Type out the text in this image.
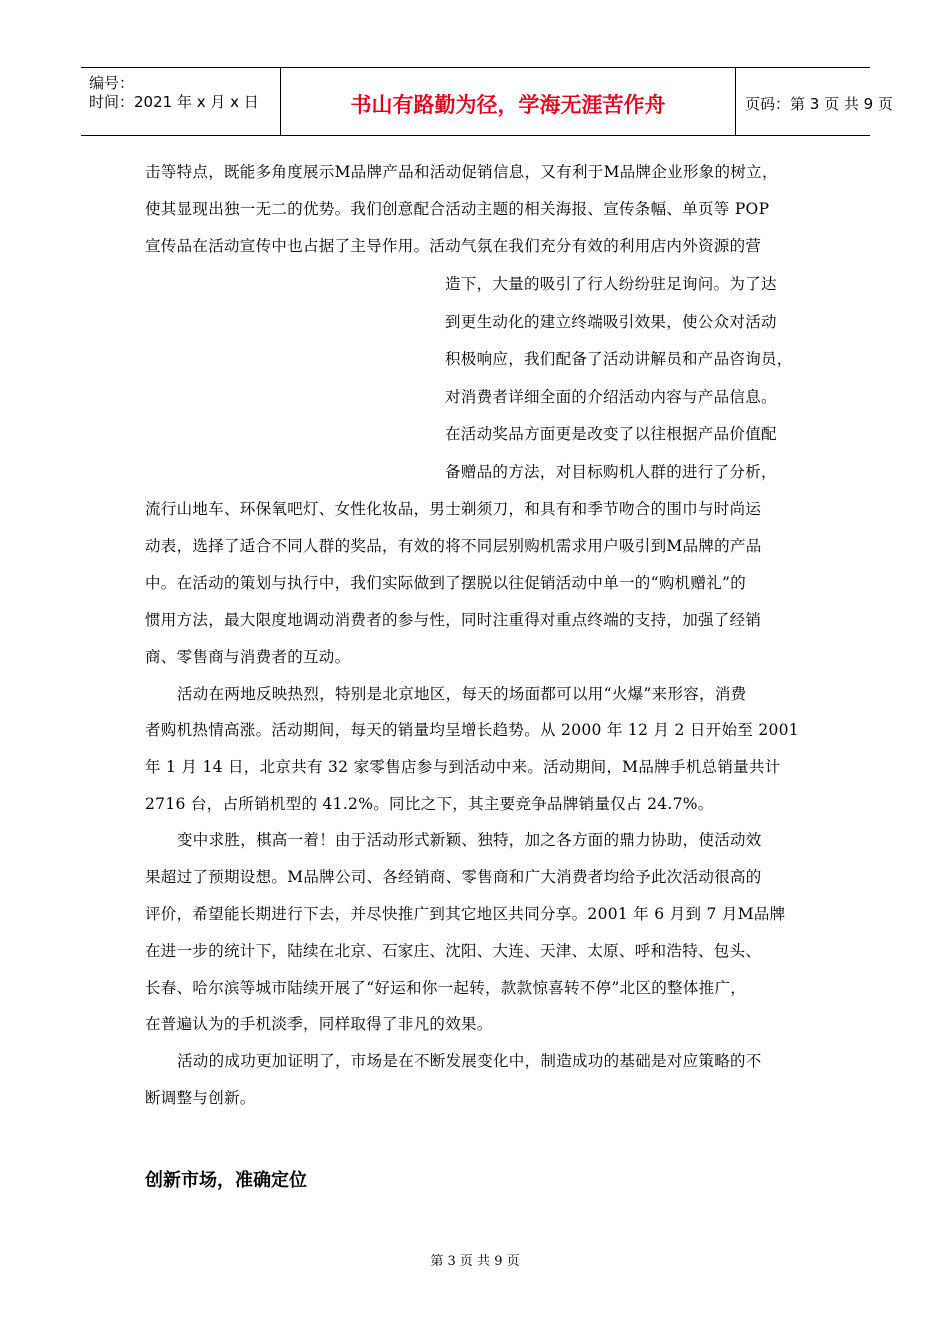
编号：
时间：2021 年 x 月 x 日	书山有路勤为径，学海无涯苦作舟	页码：第 3 页 共 9 页
击等特点，既能多角度展示M品牌产品和活动促销信息，又有利于M品牌企业形象的树立，
使其显现出独一无二的优势。我们创意配合活动主题的相关海报、宣传条幅、单页等 POP
宣传品在活动宣传中也占据了主导作用。活动气氛在我们充分有效的利用店内外资源的营
造下，大量的吸引了行人纷纷驻足询问。为了达
到更生动化的建立终端吸引效果，使公众对活动
积极响应，我们配备了活动讲解员和产品咨询员，
对消费者详细全面的介绍活动内容与产品信息。
在活动奖品方面更是改变了以往根据产品价值配
备赠品的方法，对目标购机人群的进行了分析，
流行山地车、环保氧吧灯、女性化妆品，男士剃须刀，和具有和季节吻合的围巾与时尚运
动表，选择了适合不同人群的奖品，有效的将不同层别购机需求用户吸引到M品牌的产品
中。在活动的策划与执行中，我们实际做到了摆脱以往促销活动中单一的“购机赠礼”的
惯用方法，最大限度地调动消费者的参与性，同时注重得对重点终端的支持，加强了经销
商、零售商与消费者的互动。
活动在两地反映热烈，特别是北京地区，每天的场面都可以用“火爆”来形容，消费
者购机热情高涨。活动期间，每天的销量均呈增长趋势。从 2000 年 12 月 2 日开始至 2001
年 1 月 14 日，北京共有 32 家零售店参与到活动中来。活动期间，M品牌手机总销量共计
2716 台，占所销机型的 41.2%。同比之下，其主要竞争品牌销量仅占 24.7%。
变中求胜，棋高一着！由于活动形式新颖、独特，加之各方面的鼎力协助，使活动效
果超过了预期设想。M品牌公司、各经销商、零售商和广大消费者均给予此次活动很高的
评价，希望能长期进行下去，并尽快推广到其它地区共同分享。2001 年 6 月到 7 月M品牌
在进一步的统计下，陆续在北京、石家庄、沈阳、大连、天津、太原、呼和浩特、包头、
长春、哈尔滨等城市陆续开展了“好运和你一起转，款款惊喜转不停”北区的整体推广，
在普遍认为的手机淡季，同样取得了非凡的效果。
活动的成功更加证明了，市场是在不断发展变化中，制造成功的基础是对应策略的不
断调整与创新。
创新市场，准确定位
第 3 页 共 9 页
